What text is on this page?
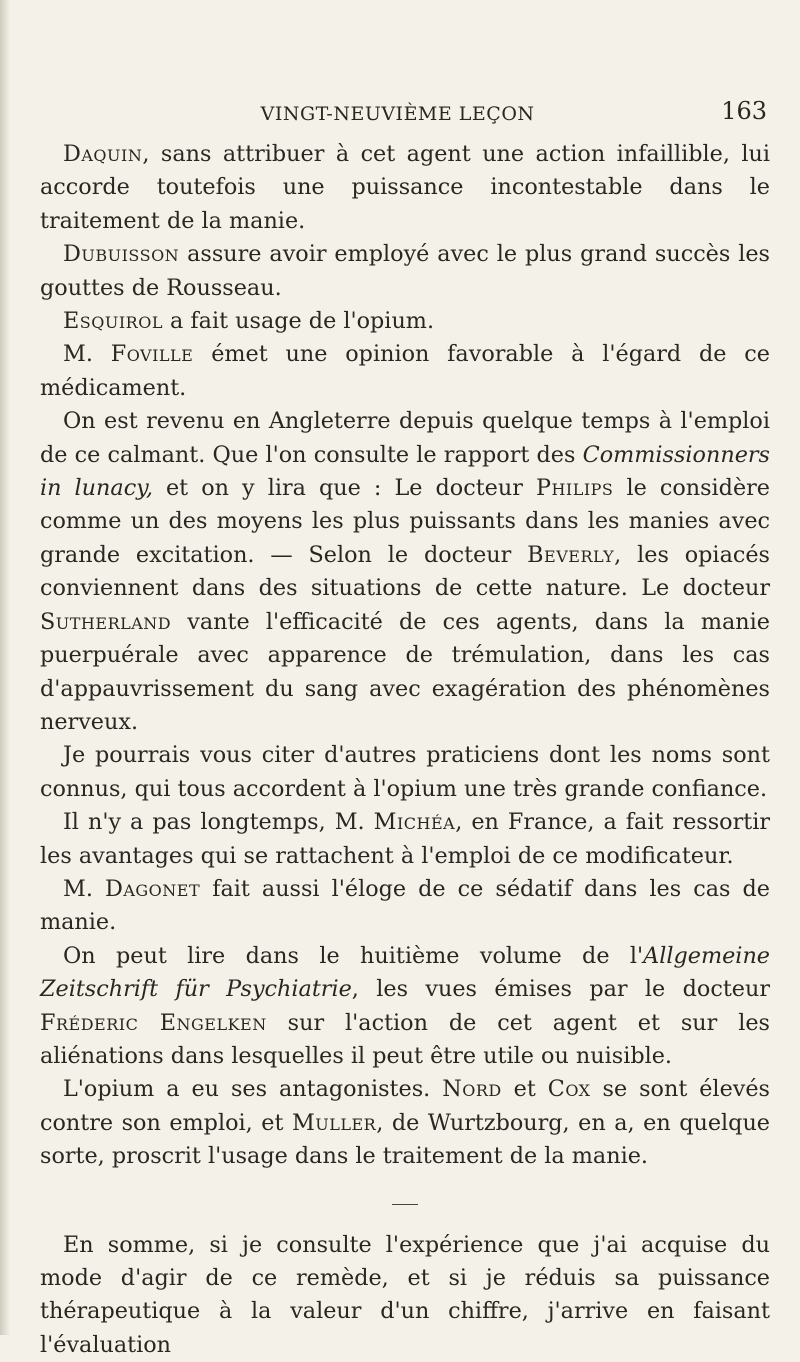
VINGT-NEUVIÈME LEÇON	163

Daquin, sans attribuer à cet agent une action infaillible, lui accorde toutefois une puissance incontestable dans le traitement de la manie.

Dubuisson assure avoir employé avec le plus grand succès les gouttes de Rousseau.

Esquirol a fait usage de l'opium.

M. Foville émet une opinion favorable à l'égard de ce médicament.

On est revenu en Angleterre depuis quelque temps à l'emploi de ce calmant. Que l'on consulte le rapport des Commissionners in lunacy, et on y lira que : Le docteur Philips le considère comme un des moyens les plus puissants dans les manies avec grande excitation. — Selon le docteur Beverly, les opiacés conviennent dans des situations de cette nature. Le docteur Sutherland vante l'efficacité de ces agents, dans la manie puerpuérale avec apparence de trémulation, dans les cas d'appauvrissement du sang avec exagération des phénomènes nerveux.

Je pourrais vous citer d'autres praticiens dont les noms sont connus, qui tous accordent à l'opium une très grande confiance.

Il n'y a pas longtemps, M. Michéa, en France, a fait ressortir les avantages qui se rattachent à l'emploi de ce modificateur.

M. Dagonet fait aussi l'éloge de ce sédatif dans les cas de manie.

On peut lire dans le huitième volume de l'Allgemeine Zeitschrift für Psychiatrie, les vues émises par le docteur Fréderic Engelken sur l'action de cet agent et sur les aliénations dans lesquelles il peut être utile ou nuisible.

L'opium a eu ses antagonistes. Nord et Cox se sont élevés contre son emploi, et Muller, de Wurtzbourg, en a, en quelque sorte, proscrit l'usage dans le traitement de la manie.

En somme, si je consulte l'expérience que j'ai acquise du mode d'agir de ce remède, et si je réduis sa puissance thérapeutique à la valeur d'un chiffre, j'arrive en faisant l'évaluation
